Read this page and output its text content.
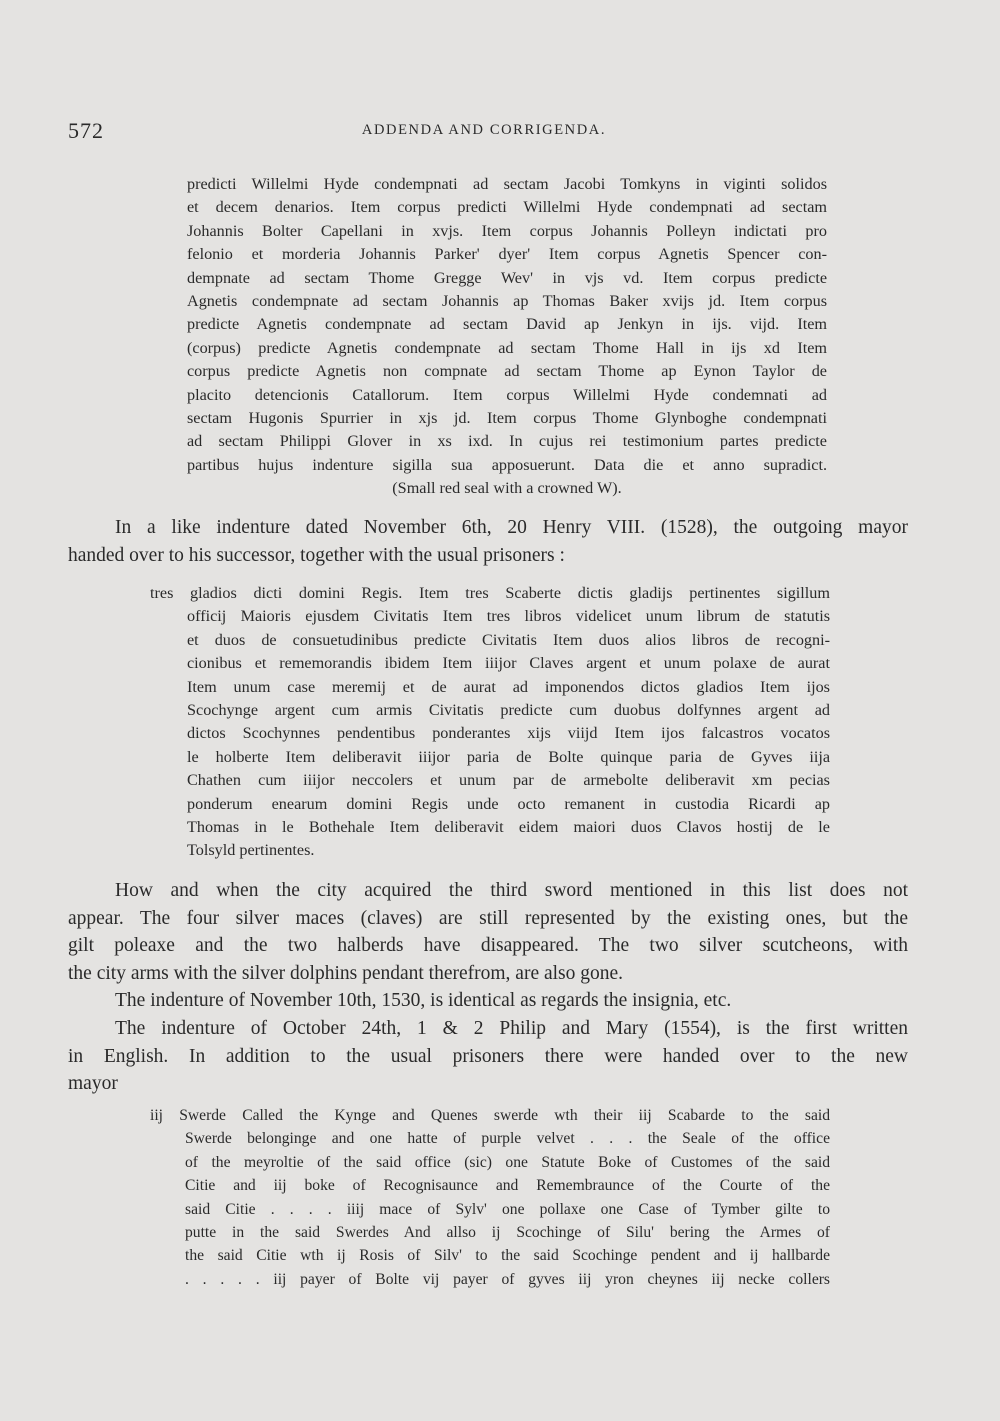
572	ADDENDA AND CORRIGENDA.
predicti Willelmi Hyde condempnati ad sectam Jacobi Tomkyns in viginti solidos
et decem denarios. Item corpus predicti Willelmi Hyde condempnati ad sectam
Johannis Bolter Capellani in xvjs. Item corpus Johannis Polleyn indictati pro
felonio et morderia Johannis Parker' dyer' Item corpus Agnetis Spencer con-
dempnate ad sectam Thome Gregge Wev' in vjs vd. Item corpus predicte
Agnetis condempnate ad sectam Johannis ap Thomas Baker xvijs jd. Item corpus
predicte Agnetis condempnate ad sectam David ap Jenkyn in ijs. vijd. Item
(corpus) predicte Agnetis condempnate ad sectam Thome Hall in ijs xd Item
corpus predicte Agnetis non compnate ad sectam Thome ap Eynon Taylor de
placito detencionis Catallorum. Item corpus Willelmi Hyde condemnati ad
sectam Hugonis Spurrier in xjs jd. Item corpus Thome Glynboghe condempnati
ad sectam Philippi Glover in xs ixd. In cujus rei testimonium partes predicte
partibus hujus indenture sigilla sua apposuerunt. Data die et anno supradict.
(Small red seal with a crowned W).
In a like indenture dated November 6th, 20 Henry VIII. (1528), the outgoing mayor
handed over to his successor, together with the usual prisoners :
tres gladios dicti domini Regis. Item tres Scaberte dictis gladijs pertinentes sigillum
officij Maioris ejusdem Civitatis Item tres libros videlicet unum librum de statutis
et duos de consuetudinibus predicte Civitatis Item duos alios libros de recogni-
cionibus et rememorandis ibidem Item iiijor Claves argent et unum polaxe de aurat
Item unum case meremij et de aurat ad imponendos dictos gladios Item ijos
Scochynge argent cum armis Civitatis predicte cum duobus dolfynnes argent ad
dictos Scochynnes pendentibus ponderantes xijs viijd Item ijos falcastros vocatos
le holberte Item deliberavit iiijor paria de Bolte quinque paria de Gyves iija
Chathen cum iiijor neccolers et unum par de armebolte deliberavit xm pecias
ponderum enearum domini Regis unde octo remanent in custodia Ricardi ap
Thomas in le Bothehale Item deliberavit eidem maiori duos Clavos hostij de le
Tolsyld pertinentes.
How and when the city acquired the third sword mentioned in this list does not
appear. The four silver maces (claves) are still represented by the existing ones, but the
gilt poleaxe and the two halberds have disappeared. The two silver scutcheons, with
the city arms with the silver dolphins pendant therefrom, are also gone.
The indenture of November 10th, 1530, is identical as regards the insignia, etc.
The indenture of October 24th, 1 & 2 Philip and Mary (1554), is the first written
in English. In addition to the usual prisoners there were handed over to the new
mayor
iij Swerde Called the Kynge and Quenes swerde wth their iij Scabarde to the said
Swerde belonginge and one hatte of purple velvet . . . the Seale of the office
of the meyroltie of the said office (sic) one Statute Boke of Customes of the said
Citie and iij boke of Recognisaunce and Remembraunce of the Courte of the
said Citie . . . . iiij mace of Sylv' one pollaxe one Case of Tymber gilte to
putte in the said Swerdes And allso ij Scochinge of Silu' bering the Armes of
the said Citie wth ij Rosis of Silv' to the said Scochinge pendent and ij hallbarde
. . . . . iij payer of Bolte vij payer of gyves iij yron cheynes iij necke collers
